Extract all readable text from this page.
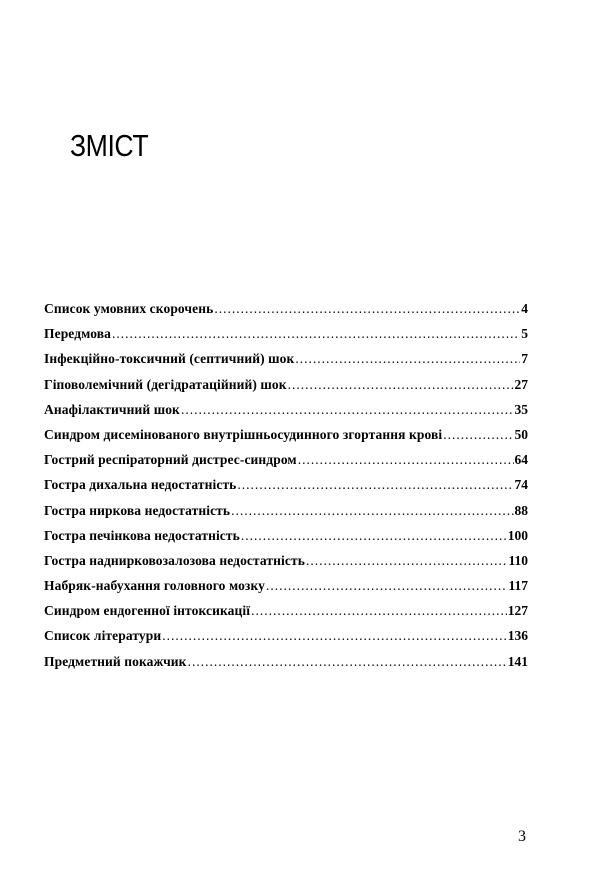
ЗМІСТ
Список умовних скорочень .....	4
Передмова .....	5
Інфекційно-токсичний (септичний) шок .....	7
Гіповолемічний (дегідратаційний) шок .....	27
Анафілактичний шок .....	35
Синдром дисемінованого внутрішньосудинного згортання крові .....	50
Гострий респіраторний дистрес-синдром .....	64
Гостра дихальна недостатність .....	74
Гостра ниркова недостатність .....	88
Гостра печінкова недостатність .....	100
Гостра наднирковозалозова недостатність .....	110
Набряк-набухання головного мозку .....	117
Синдром ендогенної інтоксикації .....	127
Список літератури .....	136
Предметний покажчик .....	141
3
